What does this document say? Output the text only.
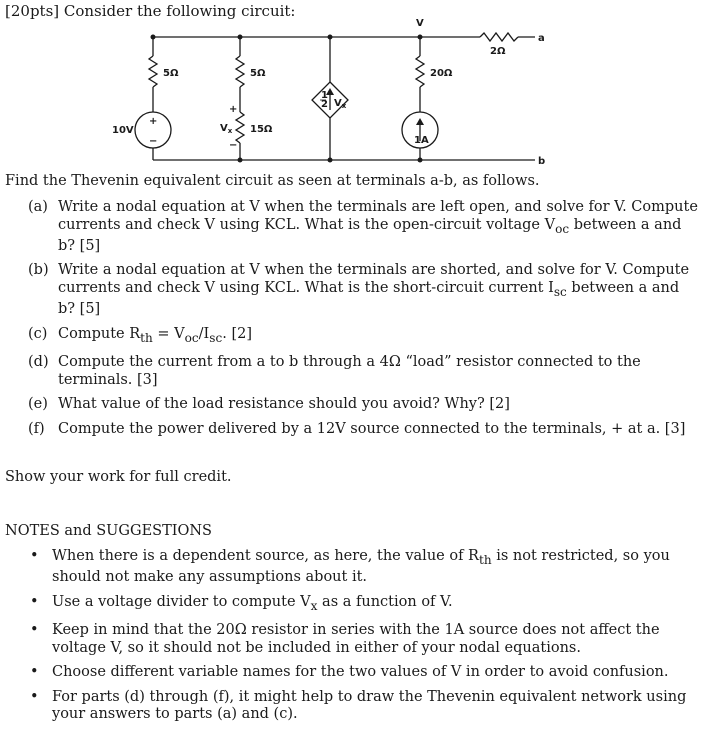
[20pts] Consider the following circuit:
V
2Ω
a
b
5Ω	5Ω	20Ω
15Ω
10V
+
−
+
−
$V_x$
1A
1
2 $V_x$
Find the Thevenin equivalent circuit as seen at terminals a-b, as follows.
(a) Write a nodal equation at V when the terminals are left open, and solve for V. Compute currents and check V using KCL. What is the open-circuit voltage $V_{oc}$ between a and b? [5]
(b) Write a nodal equation at V when the terminals are shorted, and solve for V. Compute currents and check V using KCL. What is the short-circuit current $I_{sc}$ between a and b? [5]
(c) Compute $R_{th} = V_{oc}/I_{sc}$. [2]
(d) Compute the current from a to b through a 4Ω “load” resistor connected to the terminals. [3]
(e) What value of the load resistance should you avoid? Why? [2]
(f) Compute the power delivered by a 12V source connected to the terminals, + at a. [3]
Show your work for full credit.
NOTES and SUGGESTIONS
• When there is a dependent source, as here, the value of $R_{th}$ is not restricted, so you should not make any assumptions about it.
• Use a voltage divider to compute $V_x$ as a function of V.
• Keep in mind that the 20Ω resistor in series with the 1A source does not affect the voltage V, so it should not be included in either of your nodal equations.
• Choose different variable names for the two values of V in order to avoid confusion.
• For parts (d) through (f), it might help to draw the Thevenin equivalent network using your answers to parts (a) and (c).
